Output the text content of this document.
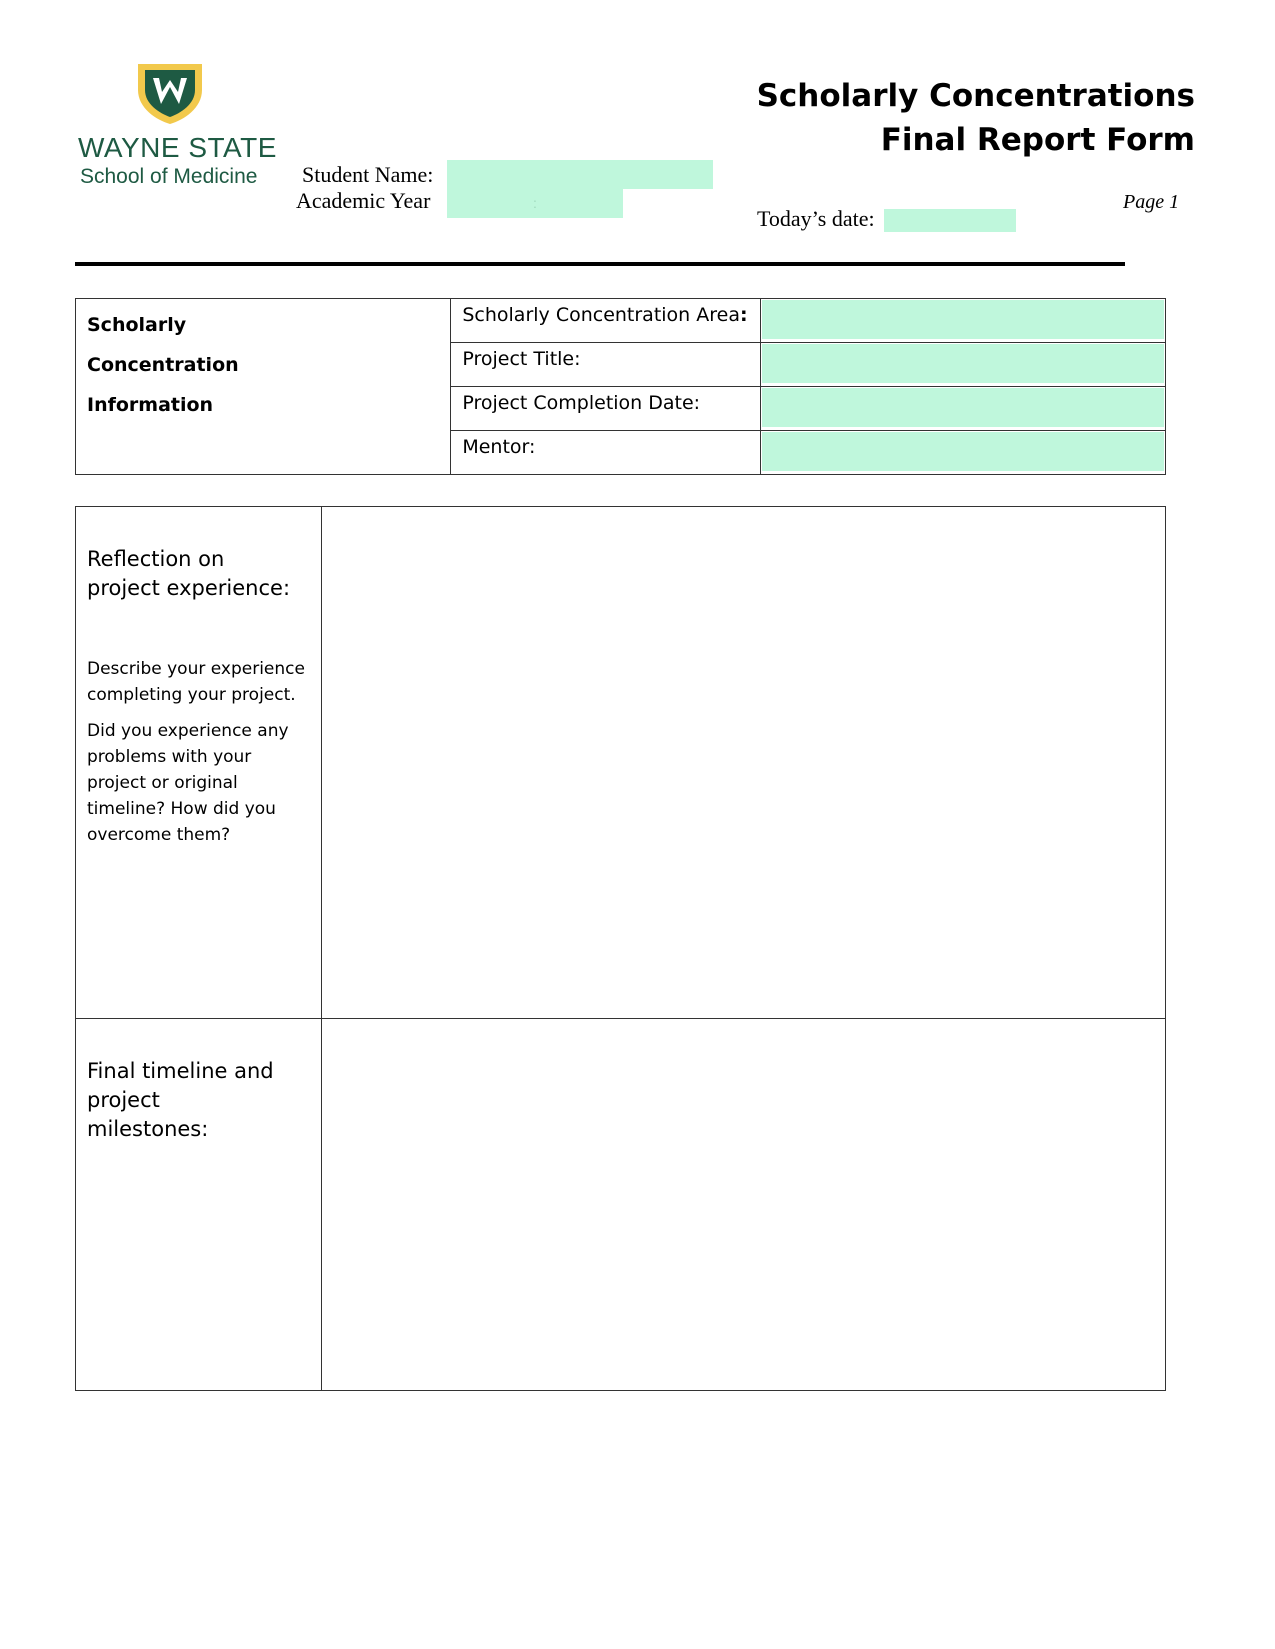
WAYNE STATE
School of Medicine
Scholarly Concentrations
Final Report Form
Student Name:
Academic Year	:	Page 1
Today’s date:
Scholarly
Concentration
Information	Scholarly Concentration Area:	

	Project Title:	

	Project Completion Date:	

	Mentor:	
Reflection on project experience:
Describe your experience completing your project.
Did you experience any problems with your project or original timeline? How did you overcome them?	

Final timeline and project milestones:	
